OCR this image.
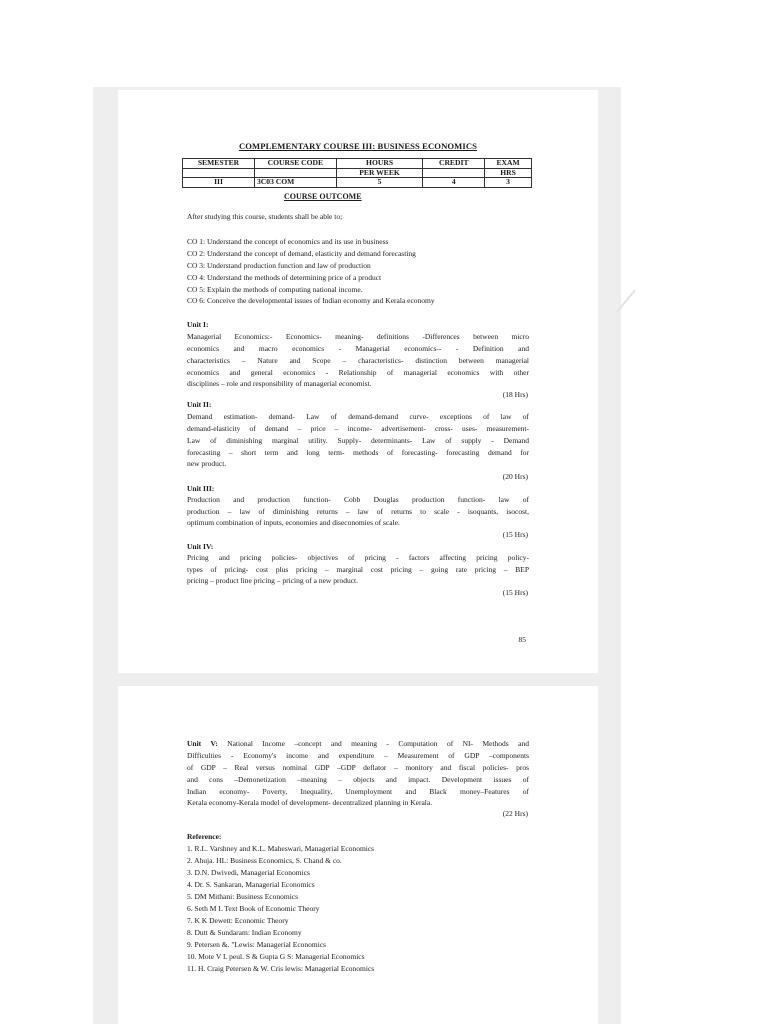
COMPLEMENTARY COURSE III: BUSINESS ECONOMICS
SEMESTER	COURSE CODE	HOURS	CREDIT	EXAM
		PER WEEK		HRS
III	3C03 COM	5	4	3
COURSE OUTCOME
After studying this course, students shall be able to;
CO 1: Understand the concept of economics and its use in business
CO 2: Understand the concept of demand, elasticity and demand forecasting
CO 3: Understand production function and law of production
CO 4: Understand the methods of determining price of a product
CO 5: Explain the methods of computing national income.
CO 6: Conceive the developmental issues of Indian economy and Kerala economy
Unit I:
Managerial Economics:- Economics- meaning- definitions -Differences between micro
economics and macro economics - Managerial economics-- - Definition and
characteristics – Nature and Scope – characteristics- distinction between managerial
economics and general economics - Relationship of managerial economics with other
disciplines – role and responsibility of managerial economist.
(18 Hrs)
Unit II:
Demand estimation- demand- Law of demand-demand curve- exceptions of law of
demand-elasticity of demand – price – income- advertisement- cross- uses- measurement-
Law of diminishing marginal utility. Supply- determinants- Law of supply - Demand
forecasting – short term and long term- methods of forecasting- forecasting demand for
new product.
(20 Hrs)
Unit III:
Production and production function- Cobb Douglas production function- law of
production – law of diminishing returns – law of returns to scale - isoquants, isocost,
optimum combination of inputs, economies and diseconomies of scale.
(15 Hrs)
Unit IV:
Pricing and pricing policies- objectives of pricing - factors affecting pricing policy-
types of pricing- cost plus pricing – marginal cost pricing – going rate pricing – BEP
pricing – product line pricing – pricing of a new product.
(15 Hrs)
85
Unit V: National Income –concept and meaning - Computation of NI- Methods and
Difficulties - Economy's income and expenditure – Measurement of GDP –components
of GDP – Real versus nominal GDP –GDP deflator – monitory and fiscal policies- pros
and cons –Demonetization –meaning – objects and impact. Development issues of
Indian economy- Poverty, Inequality, Unemployment and Black money–Features of
Kerala economy-Kerala model of development- decentralized planning in Kerala.
(22 Hrs)
Reference:
1. R.L. Varshney and K.L. Maheswari, Managerial Economics
2. Ahuja. HL: Business Economics, S. Chand & co.
3. D.N. Dwivedi, Managerial Economics
4. Dr. S. Sankaran, Managerial Economics
5. DM Mithani: Business Economics
6. Seth M L Text Book of Economic Theory
7. K K Dewett: Economic Theory
8. Dutt & Sundaram: Indian Economy
9. Petersen &. "Lewis: Managerial Economics
10. Mote V L peul. S & Gupta G S: Managerial Economics
11. H. Craig Petersen & W. Cris lewis: Managerial Economics
